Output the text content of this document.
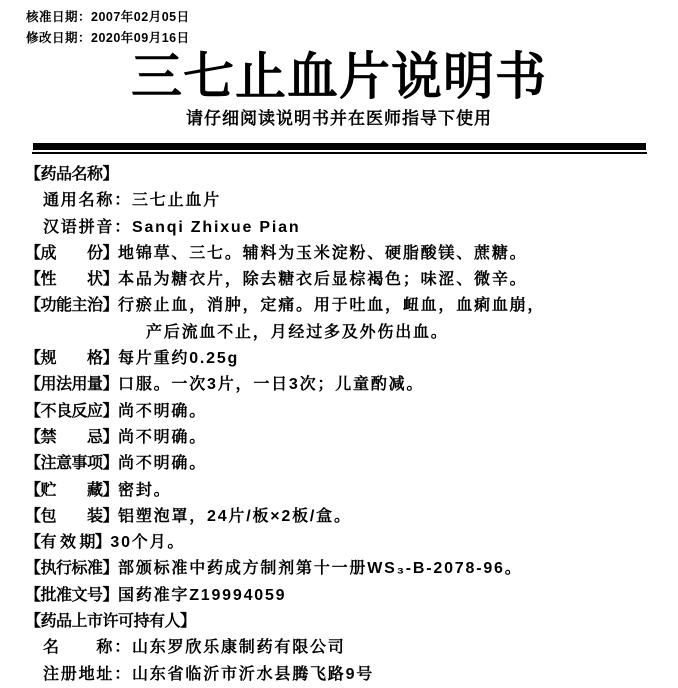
核准日期：2007年02月05日
修改日期：2020年09月16日
三七止血片说明书
请仔细阅读说明书并在医师指导下使用
【药品名称】
通用名称：三七止血片
汉语拼音：Sanqi Zhixue Pian
【成　　份】地锦草、三七。辅料为玉米淀粉、硬脂酸镁、蔗糖。
【性　　状】本品为糖衣片，除去糖衣后显棕褐色；味涩、微辛。
【功能主治】行瘀止血，消肿，定痛。用于吐血，衄血，血痢血崩，
产后流血不止，月经过多及外伤出血。
【规　　格】每片重约0.25g
【用法用量】口服。一次3片，一日3次；儿童酌减。
【不良反应】尚不明确。
【禁　　忌】尚不明确。
【注意事项】尚不明确。
【贮　　藏】密封。
【包　　装】铝塑泡罩，24片/板×2板/盒。
【有 效 期】30个月。
【执行标准】部颁标准中药成方制剂第十一册WS₃-B-2078-96。
【批准文号】国药准字Z19994059
【药品上市许可持有人】
名　　称：山东罗欣乐康制药有限公司
注册地址：山东省临沂市沂水县腾飞路9号
